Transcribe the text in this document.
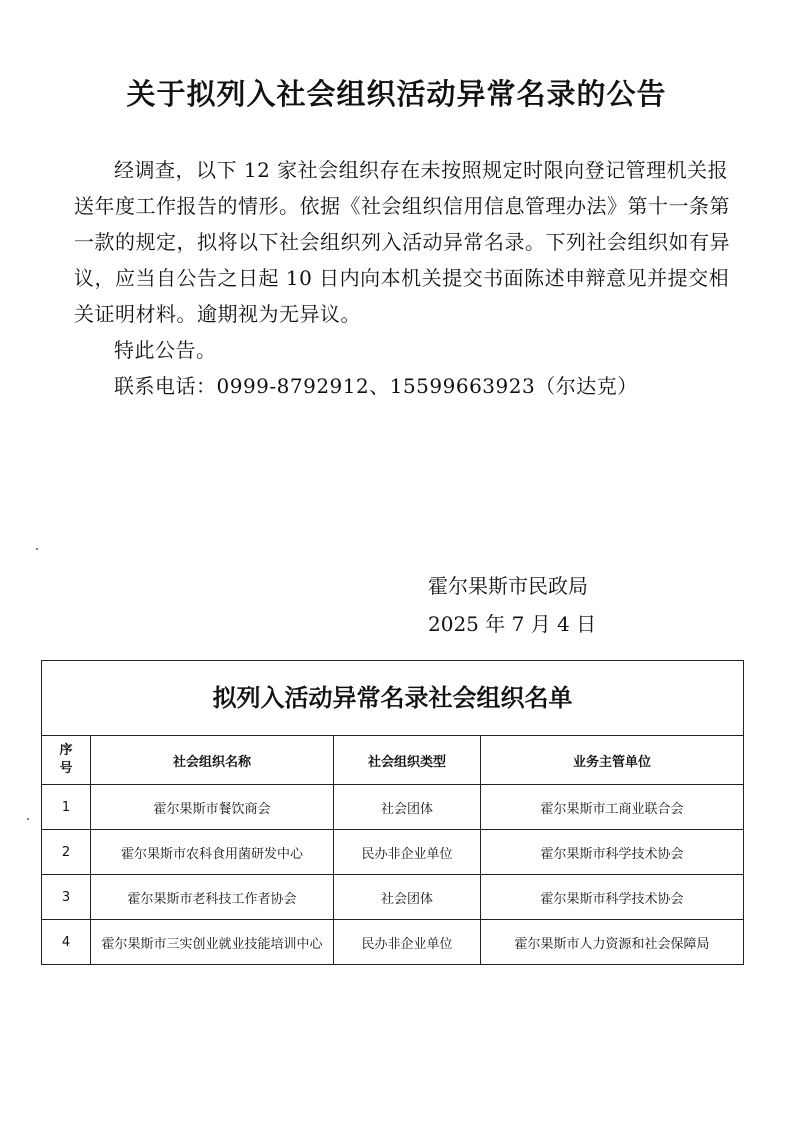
关于拟列入社会组织活动异常名录的公告

经调查，以下 12 家社会组织存在未按照规定时限向登记管理机关报送年度工作报告的情形。依据《社会组织信用信息管理办法》第十一条第一款的规定，拟将以下社会组织列入活动异常名录。下列社会组织如有异议，应当自公告之日起 10 日内向本机关提交书面陈述申辩意见并提交相关证明材料。逾期视为无异议。

特此公告。

联系电话：0999-8792912、15599663923（尔达克）

霍尔果斯市民政局

2025 年 7 月 4 日

拟列入活动异常名录社会组织名单
序
号	社会组织名称	社会组织类型	业务主管单位
1	霍尔果斯市餐饮商会	社会团体	霍尔果斯市工商业联合会
2	霍尔果斯市农科食用菌研发中心	民办非企业单位	霍尔果斯市科学技术协会
3	霍尔果斯市老科技工作者协会	社会团体	霍尔果斯市科学技术协会
4	霍尔果斯市三实创业就业技能培训中心	民办非企业单位	霍尔果斯市人力资源和社会保障局
